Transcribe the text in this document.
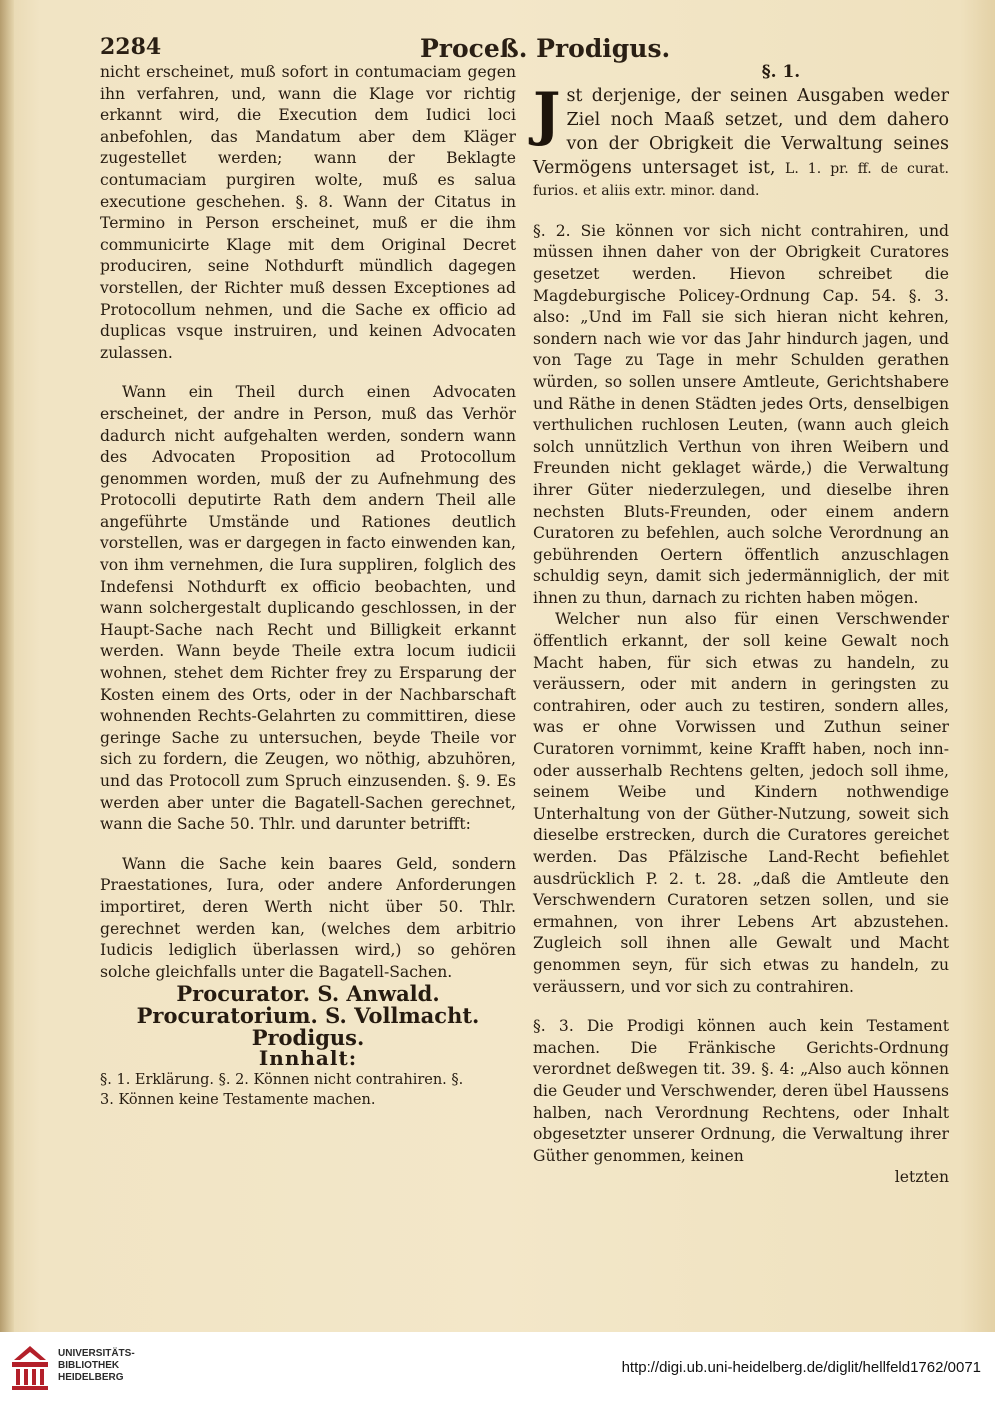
2284	Proceß. Prodigus.

nicht erscheinet, muß sofort in contumaciam gegen ihn verfahren, und, wann die Klage vor richtig erkannt wird, die Execution dem Iudici loci anbefohlen, das Mandatum aber dem Kläger zugestellet werden; wann der Beklagte contumaciam purgiren wolte, muß es salua executione geschehen. §. 8. Wann der Citatus in Termino in Person erscheinet, muß er die ihm communicirte Klage mit dem Original Decret produciren, seine Nothdurft mündlich dagegen vorstellen, der Richter muß dessen Exceptiones ad Protocollum nehmen, und die Sache ex officio ad duplicas vsque instruiren, und keinen Advocaten zulassen.

Wann ein Theil durch einen Advocaten erscheinet, der andre in Person, muß das Verhör dadurch nicht aufgehalten werden, sondern wann des Advocaten Proposition ad Protocollum genommen worden, muß der zu Aufnehmung des Protocolli deputirte Rath dem andern Theil alle angeführte Umstände und Rationes deutlich vorstellen, was er dargegen in facto einwenden kan, von ihm vernehmen, die Iura suppliren, folglich des Indefensi Nothdurft ex officio beobachten, und wann solchergestalt duplicando geschlossen, in der Haupt-Sache nach Recht und Billigkeit erkannt werden. Wann beyde Theile extra locum iudicii wohnen, stehet dem Richter frey zu Ersparung der Kosten einem des Orts, oder in der Nachbarschaft wohnenden Rechts-Gelahrten zu committiren, diese geringe Sache zu untersuchen, beyde Theile vor sich zu fordern, die Zeugen, wo nöthig, abzuhören, und das Protocoll zum Spruch einzusenden. §. 9. Es werden aber unter die Bagatell-Sachen gerechnet, wann die Sache 50. Thlr. und darunter betrifft:

Wann die Sache kein baares Geld, sondern Praestationes, Iura, oder andere Anforderungen importiret, deren Werth nicht über 50. Thlr. gerechnet werden kan, (welches dem arbitrio Iudicis lediglich überlassen wird,) so gehören solche gleichfalls unter die Bagatell-Sachen.

Procurator. S. Anwald.

Procuratorium. S. Vollmacht.

Prodigus.

Innhalt:

§. 1. Erklärung. §. 2. Können nicht contrahiren. §.

3. Können keine Testamente machen.

§. 1.

J st derjenige, der seinen Ausgaben weder Ziel noch Maaß setzet, und dem dahero von der Obrigkeit die Verwaltung seines Vermögens untersaget ist, L. 1. pr. ff. de curat. furios. et aliis extr. minor. dand.

§. 2. Sie können vor sich nicht contrahiren, und müssen ihnen daher von der Obrigkeit Curatores gesetzet werden. Hievon schreibet die Magdeburgische Policey-Ordnung Cap. 54. §. 3. also: „Und im Fall sie sich hieran nicht kehren, sondern nach wie vor das Jahr hindurch jagen, und von Tage zu Tage in mehr Schulden gerathen würden, so sollen unsere Amtleute, Gerichtshabere und Räthe in denen Städten jedes Orts, denselbigen verthulichen ruchlosen Leuten, (wann auch gleich solch unnützlich Verthun von ihren Weibern und Freunden nicht geklaget wärde,) die Verwaltung ihrer Güter niederzulegen, und dieselbe ihren nechsten Bluts-Freunden, oder einem andern Curatoren zu befehlen, auch solche Verordnung an gebührenden Oertern öffentlich anzuschlagen schuldig seyn, damit sich jedermänniglich, der mit ihnen zu thun, darnach zu richten haben mögen.

Welcher nun also für einen Verschwender öffentlich erkannt, der soll keine Gewalt noch Macht haben, für sich etwas zu handeln, zu veräussern, oder mit andern in geringsten zu contrahiren, oder auch zu testiren, sondern alles, was er ohne Vorwissen und Zuthun seiner Curatoren vornimmt, keine Krafft haben, noch inn- oder ausserhalb Rechtens gelten, jedoch soll ihme, seinem Weibe und Kindern nothwendige Unterhaltung von der Güther-Nutzung, soweit sich dieselbe erstrecken, durch die Curatores gereichet werden. Das Pfälzische Land-Recht befiehlet ausdrücklich P. 2. t. 28. „daß die Amtleute den Verschwendern Curatoren setzen sollen, und sie ermahnen, von ihrer Lebens Art abzustehen. Zugleich soll ihnen alle Gewalt und Macht genommen seyn, für sich etwas zu handeln, zu veräussern, und vor sich zu contrahiren.

§. 3. Die Prodigi können auch kein Testament machen. Die Fränkische Gerichts-Ordnung verordnet deßwegen tit. 39. §. 4: „Also auch können die Geuder und Verschwender, deren übel Haussens halben, nach Verordnung Rechtens, oder Inhalt obgesetzter unserer Ordnung, die Verwaltung ihrer Güther genommen, keinen

letzten

UNIVERSITÄTS-
BIBLIOTHEK
HEIDELBERG
http://digi.ub.uni-heidelberg.de/diglit/hellfeld1762/0071
